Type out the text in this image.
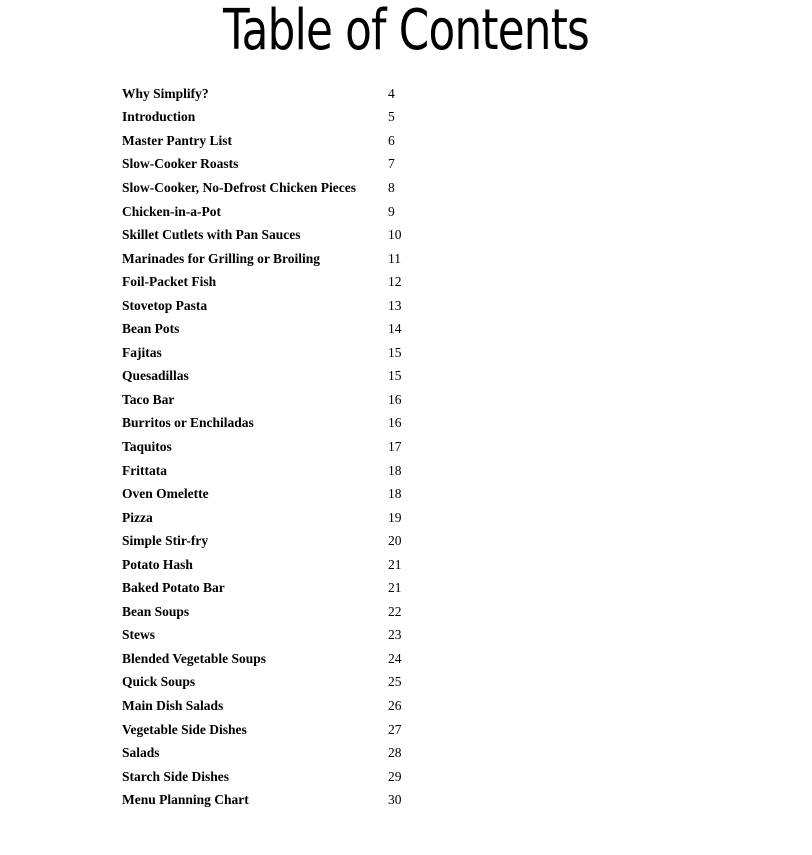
Table of Contents
Why Simplify?	4
Introduction	5
Master Pantry List	6
Slow-Cooker Roasts	7
Slow-Cooker, No-Defrost Chicken Pieces	8
Chicken-in-a-Pot	9
Skillet Cutlets with Pan Sauces	10
Marinades for Grilling or Broiling	11
Foil-Packet Fish	12
Stovetop Pasta	13
Bean Pots	14
Fajitas	15
Quesadillas	15
Taco Bar	16
Burritos or Enchiladas	16
Taquitos	17
Frittata	18
Oven Omelette	18
Pizza	19
Simple Stir-fry	20
Potato Hash	21
Baked Potato Bar	21
Bean Soups	22
Stews	23
Blended Vegetable Soups	24
Quick Soups	25
Main Dish Salads	26
Vegetable Side Dishes	27
Salads	28
Starch Side Dishes	29
Menu Planning Chart	30
